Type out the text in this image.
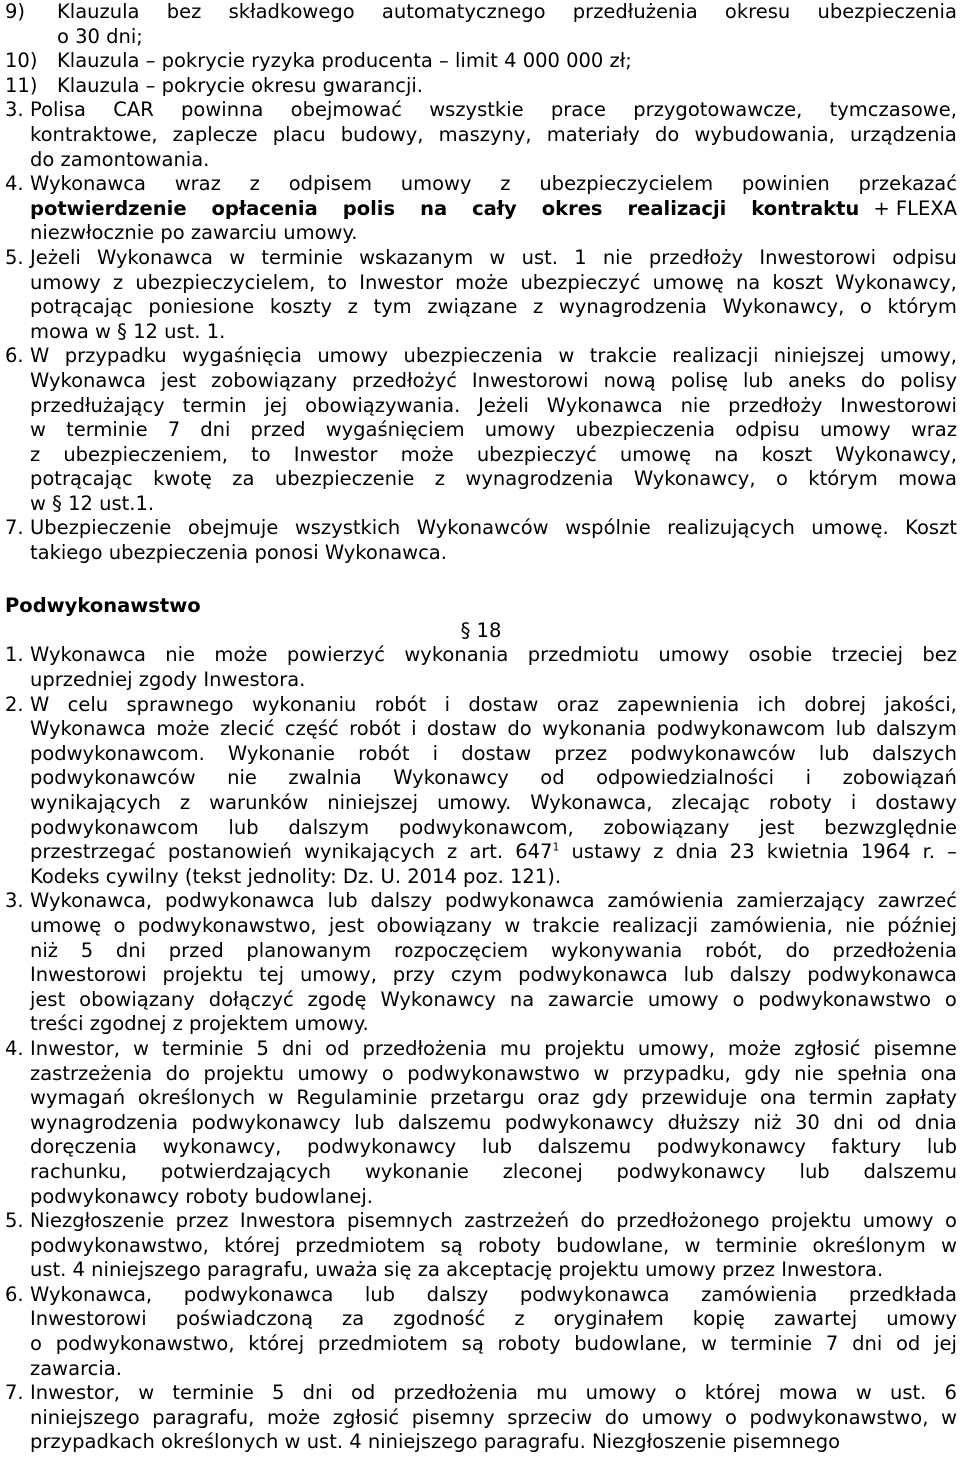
9) Klauzula bez składkowego automatycznego przedłużenia okresu ubezpieczenia
o 30 dni;
10) Klauzula – pokrycie ryzyka producenta – limit 4 000 000 zł;
11) Klauzula – pokrycie okresu gwarancji.
3. Polisa CAR powinna obejmować wszystkie prace przygotowawcze, tymczasowe,
kontraktowe, zaplecze placu budowy, maszyny, materiały do wybudowania, urządzenia
do zamontowania.
4. Wykonawca wraz z odpisem umowy z ubezpieczycielem powinien przekazać
potwierdzenie opłacenia polis na cały okres realizacji kontraktu + FLEXA
niezwłocznie po zawarciu umowy.
5. Jeżeli Wykonawca w terminie wskazanym w ust. 1 nie przedłoży Inwestorowi odpisu
umowy z ubezpieczycielem, to Inwestor może ubezpieczyć umowę na koszt Wykonawcy,
potrącając poniesione koszty z tym związane z wynagrodzenia Wykonawcy, o którym
mowa w § 12 ust. 1.
6. W przypadku wygaśnięcia umowy ubezpieczenia w trakcie realizacji niniejszej umowy,
Wykonawca jest zobowiązany przedłożyć Inwestorowi nową polisę lub aneks do polisy
przedłużający termin jej obowiązywania. Jeżeli Wykonawca nie przedłoży Inwestorowi
w terminie 7 dni przed wygaśnięciem umowy ubezpieczenia odpisu umowy wraz
z ubezpieczeniem, to Inwestor może ubezpieczyć umowę na koszt Wykonawcy,
potrącając kwotę za ubezpieczenie z wynagrodzenia Wykonawcy, o którym mowa
w § 12 ust.1.
7. Ubezpieczenie obejmuje wszystkich Wykonawców wspólnie realizujących umowę. Koszt
takiego ubezpieczenia ponosi Wykonawca.
Podwykonawstwo
§ 18
1. Wykonawca nie może powierzyć wykonania przedmiotu umowy osobie trzeciej bez
uprzedniej zgody Inwestora.
2. W celu sprawnego wykonaniu robót i dostaw oraz zapewnienia ich dobrej jakości,
Wykonawca może zlecić część robót i dostaw do wykonania podwykonawcom lub dalszym
podwykonawcom. Wykonanie robót i dostaw przez podwykonawców lub dalszych
podwykonawców nie zwalnia Wykonawcy od odpowiedzialności i zobowiązań
wynikających z warunków niniejszej umowy. Wykonawca, zlecając roboty i dostawy
podwykonawcom lub dalszym podwykonawcom, zobowiązany jest bezwzględnie
przestrzegać postanowień wynikających z art. $647^1$ ustawy z dnia 23 kwietnia 1964 r. –
Kodeks cywilny (tekst jednolity: Dz. U. 2014 poz. 121).
3. Wykonawca, podwykonawca lub dalszy podwykonawca zamówienia zamierzający zawrzeć
umowę o podwykonawstwo, jest obowiązany w trakcie realizacji zamówienia, nie później
niż 5 dni przed planowanym rozpoczęciem wykonywania robót, do przedłożenia
Inwestorowi projektu tej umowy, przy czym podwykonawca lub dalszy podwykonawca
jest obowiązany dołączyć zgodę Wykonawcy na zawarcie umowy o podwykonawstwo o
treści zgodnej z projektem umowy.
4. Inwestor, w terminie 5 dni od przedłożenia mu projektu umowy, może zgłosić pisemne
zastrzeżenia do projektu umowy o podwykonawstwo w przypadku, gdy nie spełnia ona
wymagań określonych w Regulaminie przetargu oraz gdy przewiduje ona termin zapłaty
wynagrodzenia podwykonawcy lub dalszemu podwykonawcy dłuższy niż 30 dni od dnia
doręczenia wykonawcy, podwykonawcy lub dalszemu podwykonawcy faktury lub
rachunku, potwierdzających wykonanie zleconej podwykonawcy lub dalszemu
podwykonawcy roboty budowlanej.
5. Niezgłoszenie przez Inwestora pisemnych zastrzeżeń do przedłożonego projektu umowy o
podwykonawstwo, której przedmiotem są roboty budowlane, w terminie określonym w
ust. 4 niniejszego paragrafu, uważa się za akceptację projektu umowy przez Inwestora.
6. Wykonawca, podwykonawca lub dalszy podwykonawca zamówienia przedkłada
Inwestorowi poświadczoną za zgodność z oryginałem kopię zawartej umowy
o podwykonawstwo, której przedmiotem są roboty budowlane, w terminie 7 dni od jej
zawarcia.
7. Inwestor, w terminie 5 dni od przedłożenia mu umowy o której mowa w ust. 6
niniejszego paragrafu, może zgłosić pisemny sprzeciw do umowy o podwykonawstwo, w
przypadkach określonych w ust. 4 niniejszego paragrafu. Niezgłoszenie pisemnego
